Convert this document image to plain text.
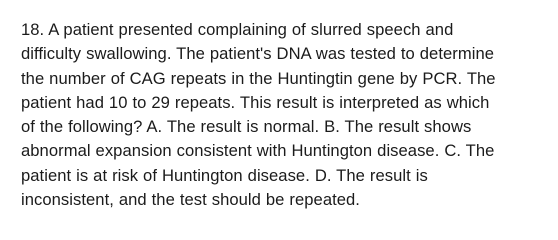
18. A patient presented complaining of slurred speech and
difficulty swallowing. The patient's DNA was tested to determine
the number of CAG repeats in the Huntingtin gene by PCR. The
patient had 10 to 29 repeats. This result is interpreted as which
of the following? A. The result is normal. B. The result shows
abnormal expansion consistent with Huntington disease. C. The
patient is at risk of Huntington disease. D. The result is
inconsistent, and the test should be repeated.
